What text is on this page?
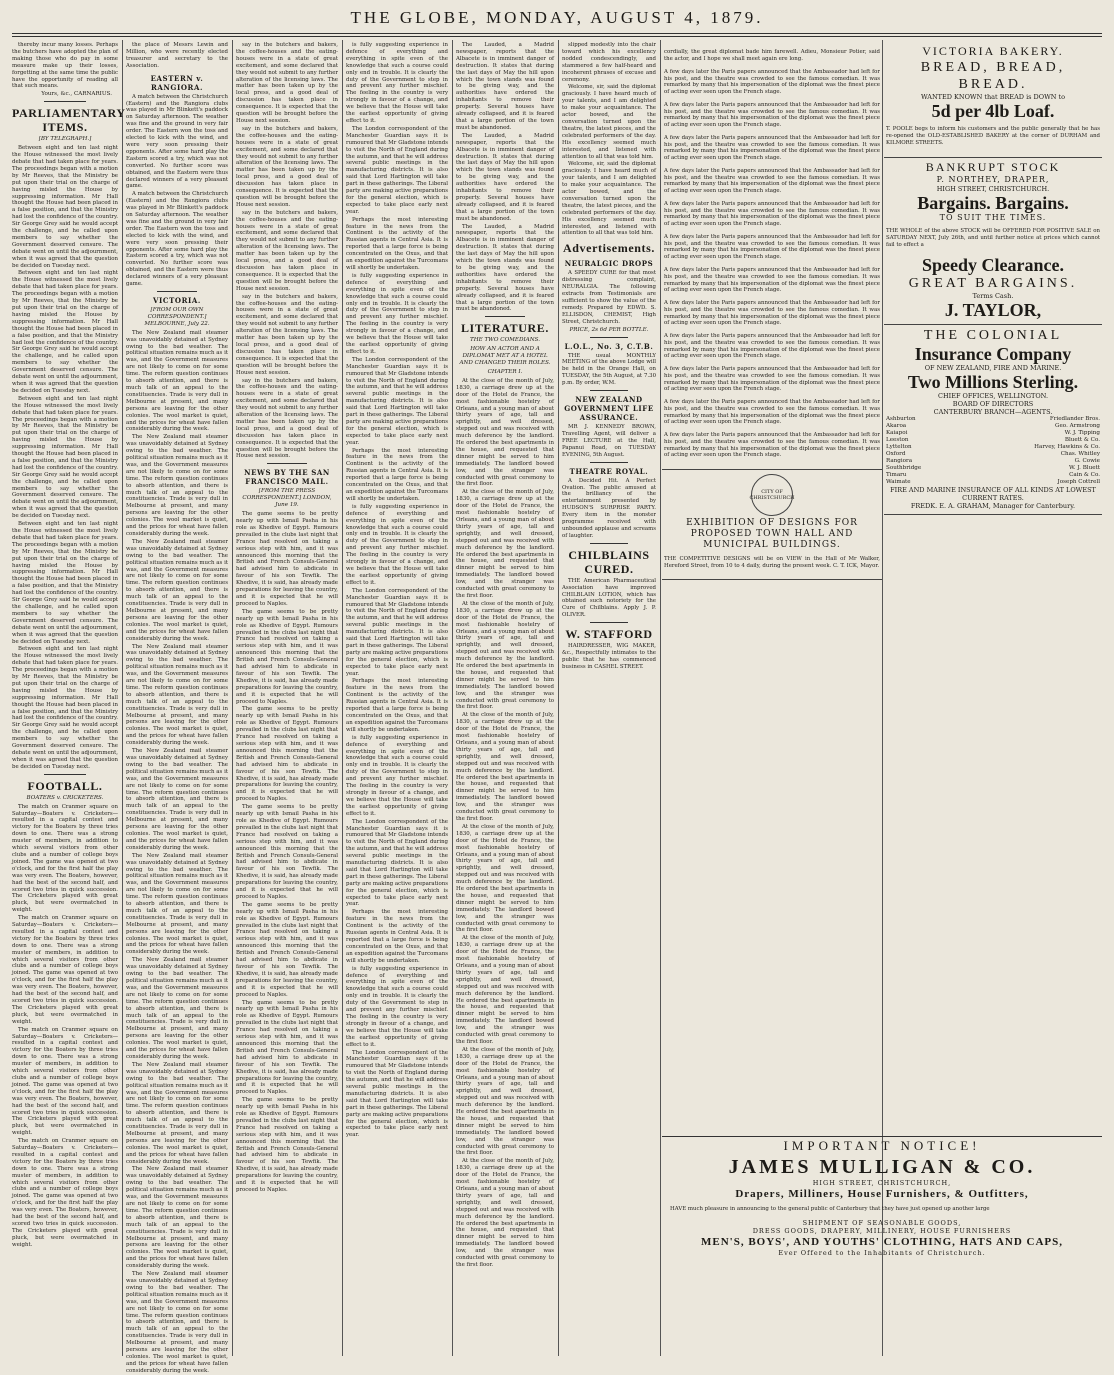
THE GLOBE, MONDAY, AUGUST 4, 1879.

thereby incur many losses. Perhaps the butchers have adopted the plan of making those who do pay in some measure make up their losses, forgetting at the same time the public have the opportunity of reading all that such means.

Yours, &c., CARNARIUS.
PARLIAMENTARY ITEMS.
[BY TELEGRAPH.]

Between eight and ten last night the House witnessed the most lively debate that had taken place for years. The proceedings began with a motion by Mr Reeves, that the Ministry be put upon their trial on the charge of having misled the House by suppressing information. Mr Hall thought the House had been placed in a false position, and that the Ministry had lost the confidence of the country. Sir George Grey said he would accept the challenge, and he called upon members to say whether the Government deserved censure. The debate went on until the adjournment, when it was agreed that the question be decided on Tuesday next.

Between eight and ten last night the House witnessed the most lively debate that had taken place for years. The proceedings began with a motion by Mr Reeves, that the Ministry be put upon their trial on the charge of having misled the House by suppressing information. Mr Hall thought the House had been placed in a false position, and that the Ministry had lost the confidence of the country. Sir George Grey said he would accept the challenge, and he called upon members to say whether the Government deserved censure. The debate went on until the adjournment, when it was agreed that the question be decided on Tuesday next.

Between eight and ten last night the House witnessed the most lively debate that had taken place for years. The proceedings began with a motion by Mr Reeves, that the Ministry be put upon their trial on the charge of having misled the House by suppressing information. Mr Hall thought the House had been placed in a false position, and that the Ministry had lost the confidence of the country. Sir George Grey said he would accept the challenge, and he called upon members to say whether the Government deserved censure. The debate went on until the adjournment, when it was agreed that the question be decided on Tuesday next.

Between eight and ten last night the House witnessed the most lively debate that had taken place for years. The proceedings began with a motion by Mr Reeves, that the Ministry be put upon their trial on the charge of having misled the House by suppressing information. Mr Hall thought the House had been placed in a false position, and that the Ministry had lost the confidence of the country. Sir George Grey said he would accept the challenge, and he called upon members to say whether the Government deserved censure. The debate went on until the adjournment, when it was agreed that the question be decided on Tuesday next.

Between eight and ten last night the House witnessed the most lively debate that had taken place for years. The proceedings began with a motion by Mr Reeves, that the Ministry be put upon their trial on the charge of having misled the House by suppressing information. Mr Hall thought the House had been placed in a false position, and that the Ministry had lost the confidence of the country. Sir George Grey said he would accept the challenge, and he called upon members to say whether the Government deserved censure. The debate went on until the adjournment, when it was agreed that the question be decided on Tuesday next.

FOOTBALL.
BOATERS v. CRICKETERS.

The match on Cranmer square on Saturday—Boaters v. Cricketers—resulted in a capital contest and victory for the Boaters by three tries down to one. There was a strong muster of members, in addition to which several visitors from other clubs and a number of college boys joined. The game was opened at two o'clock, and for the first half the play was very even. The Boaters, however, had the best of the second half, and scored two tries in quick succession. The Cricketers played with great pluck, but were overmatched in weight.

The match on Cranmer square on Saturday—Boaters v. Cricketers—resulted in a capital contest and victory for the Boaters by three tries down to one. There was a strong muster of members, in addition to which several visitors from other clubs and a number of college boys joined. The game was opened at two o'clock, and for the first half the play was very even. The Boaters, however, had the best of the second half, and scored two tries in quick succession. The Cricketers played with great pluck, but were overmatched in weight.

The match on Cranmer square on Saturday—Boaters v. Cricketers—resulted in a capital contest and victory for the Boaters by three tries down to one. There was a strong muster of members, in addition to which several visitors from other clubs and a number of college boys joined. The game was opened at two o'clock, and for the first half the play was very even. The Boaters, however, had the best of the second half, and scored two tries in quick succession. The Cricketers played with great pluck, but were overmatched in weight.

The match on Cranmer square on Saturday—Boaters v. Cricketers—resulted in a capital contest and victory for the Boaters by three tries down to one. There was a strong muster of members, in addition to which several visitors from other clubs and a number of college boys joined. The game was opened at two o'clock, and for the first half the play was very even. The Boaters, however, had the best of the second half, and scored two tries in quick succession. The Cricketers played with great pluck, but were overmatched in weight.

the place of Messrs Lewin and Million, who were recently elected treasurer and secretary to the Association.

EASTERN v. RANGIORA.

A match between the Christchurch (Eastern) and the Rangiora clubs was played in Mr Blinkett's paddock on Saturday afternoon. The weather was fine and the ground in very fair order. The Eastern won the toss and elected to kick with the wind, and were very soon pressing their opponents. After some hard play the Eastern scored a try, which was not converted. No further score was obtained, and the Eastern were thus declared winners of a very pleasant game.

A match between the Christchurch (Eastern) and the Rangiora clubs was played in Mr Blinkett's paddock on Saturday afternoon. The weather was fine and the ground in very fair order. The Eastern won the toss and elected to kick with the wind, and were very soon pressing their opponents. After some hard play the Eastern scored a try, which was not converted. No further score was obtained, and the Eastern were thus declared winners of a very pleasant game.

VICTORIA.
[FROM OUR OWN CORRESPONDENT.] MELBOURNE, July 22.

The New Zealand mail steamer was unavoidably detained at Sydney owing to the bad weather. The political situation remains much as it was, and the Government measures are not likely to come on for some time. The reform question continues to absorb attention, and there is much talk of an appeal to the constituencies. Trade is very dull in Melbourne at present, and many persons are leaving for the other colonies. The wool market is quiet, and the prices for wheat have fallen considerably during the week.

The New Zealand mail steamer was unavoidably detained at Sydney owing to the bad weather. The political situation remains much as it was, and the Government measures are not likely to come on for some time. The reform question continues to absorb attention, and there is much talk of an appeal to the constituencies. Trade is very dull in Melbourne at present, and many persons are leaving for the other colonies. The wool market is quiet, and the prices for wheat have fallen considerably during the week.

The New Zealand mail steamer was unavoidably detained at Sydney owing to the bad weather. The political situation remains much as it was, and the Government measures are not likely to come on for some time. The reform question continues to absorb attention, and there is much talk of an appeal to the constituencies. Trade is very dull in Melbourne at present, and many persons are leaving for the other colonies. The wool market is quiet, and the prices for wheat have fallen considerably during the week.

The New Zealand mail steamer was unavoidably detained at Sydney owing to the bad weather. The political situation remains much as it was, and the Government measures are not likely to come on for some time. The reform question continues to absorb attention, and there is much talk of an appeal to the constituencies. Trade is very dull in Melbourne at present, and many persons are leaving for the other colonies. The wool market is quiet, and the prices for wheat have fallen considerably during the week.

The New Zealand mail steamer was unavoidably detained at Sydney owing to the bad weather. The political situation remains much as it was, and the Government measures are not likely to come on for some time. The reform question continues to absorb attention, and there is much talk of an appeal to the constituencies. Trade is very dull in Melbourne at present, and many persons are leaving for the other colonies. The wool market is quiet, and the prices for wheat have fallen considerably during the week.

The New Zealand mail steamer was unavoidably detained at Sydney owing to the bad weather. The political situation remains much as it was, and the Government measures are not likely to come on for some time. The reform question continues to absorb attention, and there is much talk of an appeal to the constituencies. Trade is very dull in Melbourne at present, and many persons are leaving for the other colonies. The wool market is quiet, and the prices for wheat have fallen considerably during the week.

The New Zealand mail steamer was unavoidably detained at Sydney owing to the bad weather. The political situation remains much as it was, and the Government measures are not likely to come on for some time. The reform question continues to absorb attention, and there is much talk of an appeal to the constituencies. Trade is very dull in Melbourne at present, and many persons are leaving for the other colonies. The wool market is quiet, and the prices for wheat have fallen considerably during the week.

The New Zealand mail steamer was unavoidably detained at Sydney owing to the bad weather. The political situation remains much as it was, and the Government measures are not likely to come on for some time. The reform question continues to absorb attention, and there is much talk of an appeal to the constituencies. Trade is very dull in Melbourne at present, and many persons are leaving for the other colonies. The wool market is quiet, and the prices for wheat have fallen considerably during the week.

The New Zealand mail steamer was unavoidably detained at Sydney owing to the bad weather. The political situation remains much as it was, and the Government measures are not likely to come on for some time. The reform question continues to absorb attention, and there is much talk of an appeal to the constituencies. Trade is very dull in Melbourne at present, and many persons are leaving for the other colonies. The wool market is quiet, and the prices for wheat have fallen considerably during the week.

The New Zealand mail steamer was unavoidably detained at Sydney owing to the bad weather. The political situation remains much as it was, and the Government measures are not likely to come on for some time. The reform question continues to absorb attention, and there is much talk of an appeal to the constituencies. Trade is very dull in Melbourne at present, and many persons are leaving for the other colonies. The wool market is quiet, and the prices for wheat have fallen considerably during the week.

say in the butchers and bakers, the coffee-houses and the eating-houses were in a state of great excitement, and some declared that they would not submit to any further alteration of the licensing laws. The matter has been taken up by the local press, and a good deal of discussion has taken place in consequence. It is expected that the question will be brought before the House next session.

say in the butchers and bakers, the coffee-houses and the eating-houses were in a state of great excitement, and some declared that they would not submit to any further alteration of the licensing laws. The matter has been taken up by the local press, and a good deal of discussion has taken place in consequence. It is expected that the question will be brought before the House next session.

say in the butchers and bakers, the coffee-houses and the eating-houses were in a state of great excitement, and some declared that they would not submit to any further alteration of the licensing laws. The matter has been taken up by the local press, and a good deal of discussion has taken place in consequence. It is expected that the question will be brought before the House next session.

say in the butchers and bakers, the coffee-houses and the eating-houses were in a state of great excitement, and some declared that they would not submit to any further alteration of the licensing laws. The matter has been taken up by the local press, and a good deal of discussion has taken place in consequence. It is expected that the question will be brought before the House next session.

say in the butchers and bakers, the coffee-houses and the eating-houses were in a state of great excitement, and some declared that they would not submit to any further alteration of the licensing laws. The matter has been taken up by the local press, and a good deal of discussion has taken place in consequence. It is expected that the question will be brought before the House next session.

NEWS BY THE SAN FRANCISCO MAIL.
[FROM THE PRESS CORRESPONDENT.] LONDON, June 19.

The game seems to be pretty nearly up with Ismail Pasha in his role as Khedive of Egypt. Rumours prevailed in the clubs last night that France had resolved on taking a serious step with him, and it was announced this morning that the British and French Consuls-General had advised him to abdicate in favour of his son Tewfik. The Khedive, it is said, has already made preparations for leaving the country, and it is expected that he will proceed to Naples.

The game seems to be pretty nearly up with Ismail Pasha in his role as Khedive of Egypt. Rumours prevailed in the clubs last night that France had resolved on taking a serious step with him, and it was announced this morning that the British and French Consuls-General had advised him to abdicate in favour of his son Tewfik. The Khedive, it is said, has already made preparations for leaving the country, and it is expected that he will proceed to Naples.

The game seems to be pretty nearly up with Ismail Pasha in his role as Khedive of Egypt. Rumours prevailed in the clubs last night that France had resolved on taking a serious step with him, and it was announced this morning that the British and French Consuls-General had advised him to abdicate in favour of his son Tewfik. The Khedive, it is said, has already made preparations for leaving the country, and it is expected that he will proceed to Naples.

The game seems to be pretty nearly up with Ismail Pasha in his role as Khedive of Egypt. Rumours prevailed in the clubs last night that France had resolved on taking a serious step with him, and it was announced this morning that the British and French Consuls-General had advised him to abdicate in favour of his son Tewfik. The Khedive, it is said, has already made preparations for leaving the country, and it is expected that he will proceed to Naples.

The game seems to be pretty nearly up with Ismail Pasha in his role as Khedive of Egypt. Rumours prevailed in the clubs last night that France had resolved on taking a serious step with him, and it was announced this morning that the British and French Consuls-General had advised him to abdicate in favour of his son Tewfik. The Khedive, it is said, has already made preparations for leaving the country, and it is expected that he will proceed to Naples.

The game seems to be pretty nearly up with Ismail Pasha in his role as Khedive of Egypt. Rumours prevailed in the clubs last night that France had resolved on taking a serious step with him, and it was announced this morning that the British and French Consuls-General had advised him to abdicate in favour of his son Tewfik. The Khedive, it is said, has already made preparations for leaving the country, and it is expected that he will proceed to Naples.

The game seems to be pretty nearly up with Ismail Pasha in his role as Khedive of Egypt. Rumours prevailed in the clubs last night that France had resolved on taking a serious step with him, and it was announced this morning that the British and French Consuls-General had advised him to abdicate in favour of his son Tewfik. The Khedive, it is said, has already made preparations for leaving the country, and it is expected that he will proceed to Naples.

is fully suggesting experience in defence of everything and everything in spite even of the knowledge that such a course could only end in trouble. It is clearly the duty of the Government to step in and prevent any further mischief. The feeling in the country is very strongly in favour of a change, and we believe that the House will take the earliest opportunity of giving effect to it.

The London correspondent of the Manchester Guardian says it is rumoured that Mr Gladstone intends to visit the North of England during the autumn, and that he will address several public meetings in the manufacturing districts. It is also said that Lord Hartington will take part in these gatherings. The Liberal party are making active preparations for the general election, which is expected to take place early next year.

Perhaps the most interesting feature in the news from the Continent is the activity of the Russian agents in Central Asia. It is reported that a large force is being concentrated on the Oxus, and that an expedition against the Turcomans will shortly be undertaken.

is fully suggesting experience in defence of everything and everything in spite even of the knowledge that such a course could only end in trouble. It is clearly the duty of the Government to step in and prevent any further mischief. The feeling in the country is very strongly in favour of a change, and we believe that the House will take the earliest opportunity of giving effect to it.

The London correspondent of the Manchester Guardian says it is rumoured that Mr Gladstone intends to visit the North of England during the autumn, and that he will address several public meetings in the manufacturing districts. It is also said that Lord Hartington will take part in these gatherings. The Liberal party are making active preparations for the general election, which is expected to take place early next year.

Perhaps the most interesting feature in the news from the Continent is the activity of the Russian agents in Central Asia. It is reported that a large force is being concentrated on the Oxus, and that an expedition against the Turcomans will shortly be undertaken.

is fully suggesting experience in defence of everything and everything in spite even of the knowledge that such a course could only end in trouble. It is clearly the duty of the Government to step in and prevent any further mischief. The feeling in the country is very strongly in favour of a change, and we believe that the House will take the earliest opportunity of giving effect to it.

The London correspondent of the Manchester Guardian says it is rumoured that Mr Gladstone intends to visit the North of England during the autumn, and that he will address several public meetings in the manufacturing districts. It is also said that Lord Hartington will take part in these gatherings. The Liberal party are making active preparations for the general election, which is expected to take place early next year.

Perhaps the most interesting feature in the news from the Continent is the activity of the Russian agents in Central Asia. It is reported that a large force is being concentrated on the Oxus, and that an expedition against the Turcomans will shortly be undertaken.

is fully suggesting experience in defence of everything and everything in spite even of the knowledge that such a course could only end in trouble. It is clearly the duty of the Government to step in and prevent any further mischief. The feeling in the country is very strongly in favour of a change, and we believe that the House will take the earliest opportunity of giving effect to it.

The London correspondent of the Manchester Guardian says it is rumoured that Mr Gladstone intends to visit the North of England during the autumn, and that he will address several public meetings in the manufacturing districts. It is also said that Lord Hartington will take part in these gatherings. The Liberal party are making active preparations for the general election, which is expected to take place early next year.

Perhaps the most interesting feature in the news from the Continent is the activity of the Russian agents in Central Asia. It is reported that a large force is being concentrated on the Oxus, and that an expedition against the Turcomans will shortly be undertaken.

is fully suggesting experience in defence of everything and everything in spite even of the knowledge that such a course could only end in trouble. It is clearly the duty of the Government to step in and prevent any further mischief. The feeling in the country is very strongly in favour of a change, and we believe that the House will take the earliest opportunity of giving effect to it.

The London correspondent of the Manchester Guardian says it is rumoured that Mr Gladstone intends to visit the North of England during the autumn, and that he will address several public meetings in the manufacturing districts. It is also said that Lord Hartington will take part in these gatherings. The Liberal party are making active preparations for the general election, which is expected to take place early next year.

The Lauded, a Madrid newspaper, reports that the Albacete is in imminent danger of destruction. It states that during the last days of May the hill upon which the town stands was found to be giving way, and the authorities have ordered the inhabitants to remove their property. Several houses have already collapsed, and it is feared that a large portion of the town must be abandoned.

The Lauded, a Madrid newspaper, reports that the Albacete is in imminent danger of destruction. It states that during the last days of May the hill upon which the town stands was found to be giving way, and the authorities have ordered the inhabitants to remove their property. Several houses have already collapsed, and it is feared that a large portion of the town must be abandoned.

The Lauded, a Madrid newspaper, reports that the Albacete is in imminent danger of destruction. It states that during the last days of May the hill upon which the town stands was found to be giving way, and the authorities have ordered the inhabitants to remove their property. Several houses have already collapsed, and it is feared that a large portion of the town must be abandoned.

LITERATURE.
THE TWO COMEDIANS.
HOW AN ACTOR AND A DIPLOMAT MET AT A HOTEL AND CHANGED THEIR ROLES.
CHAPTER I.

At the close of the month of July, 1830, a carriage drew up at the door of the Hotel de France, the most fashionable hostelry of Orleans, and a young man of about thirty years of age, tall and sprightly, and well dressed, stepped out and was received with much deference by the landlord. He ordered the best apartments in the house, and requested that dinner might be served to him immediately. The landlord bowed low, and the stranger was conducted with great ceremony to the first floor.

At the close of the month of July, 1830, a carriage drew up at the door of the Hotel de France, the most fashionable hostelry of Orleans, and a young man of about thirty years of age, tall and sprightly, and well dressed, stepped out and was received with much deference by the landlord. He ordered the best apartments in the house, and requested that dinner might be served to him immediately. The landlord bowed low, and the stranger was conducted with great ceremony to the first floor.

At the close of the month of July, 1830, a carriage drew up at the door of the Hotel de France, the most fashionable hostelry of Orleans, and a young man of about thirty years of age, tall and sprightly, and well dressed, stepped out and was received with much deference by the landlord. He ordered the best apartments in the house, and requested that dinner might be served to him immediately. The landlord bowed low, and the stranger was conducted with great ceremony to the first floor.

At the close of the month of July, 1830, a carriage drew up at the door of the Hotel de France, the most fashionable hostelry of Orleans, and a young man of about thirty years of age, tall and sprightly, and well dressed, stepped out and was received with much deference by the landlord. He ordered the best apartments in the house, and requested that dinner might be served to him immediately. The landlord bowed low, and the stranger was conducted with great ceremony to the first floor.

At the close of the month of July, 1830, a carriage drew up at the door of the Hotel de France, the most fashionable hostelry of Orleans, and a young man of about thirty years of age, tall and sprightly, and well dressed, stepped out and was received with much deference by the landlord. He ordered the best apartments in the house, and requested that dinner might be served to him immediately. The landlord bowed low, and the stranger was conducted with great ceremony to the first floor.

At the close of the month of July, 1830, a carriage drew up at the door of the Hotel de France, the most fashionable hostelry of Orleans, and a young man of about thirty years of age, tall and sprightly, and well dressed, stepped out and was received with much deference by the landlord. He ordered the best apartments in the house, and requested that dinner might be served to him immediately. The landlord bowed low, and the stranger was conducted with great ceremony to the first floor.

At the close of the month of July, 1830, a carriage drew up at the door of the Hotel de France, the most fashionable hostelry of Orleans, and a young man of about thirty years of age, tall and sprightly, and well dressed, stepped out and was received with much deference by the landlord. He ordered the best apartments in the house, and requested that dinner might be served to him immediately. The landlord bowed low, and the stranger was conducted with great ceremony to the first floor.

At the close of the month of July, 1830, a carriage drew up at the door of the Hotel de France, the most fashionable hostelry of Orleans, and a young man of about thirty years of age, tall and sprightly, and well dressed, stepped out and was received with much deference by the landlord. He ordered the best apartments in the house, and requested that dinner might be served to him immediately. The landlord bowed low, and the stranger was conducted with great ceremony to the first floor.

slipped modestly into the chair toward which his excellency nodded condescendingly, and stammered a few half-heard and incoherent phrases of excuse and ceremony.

Welcome, sir, said the diplomat graciously. I have heard much of your talents, and I am delighted to make your acquaintance. The actor bowed, and the conversation turned upon the theatre, the latest pieces, and the celebrated performers of the day. His excellency seemed much interested, and listened with attention to all that was told him.

Welcome, sir, said the diplomat graciously. I have heard much of your talents, and I am delighted to make your acquaintance. The actor bowed, and the conversation turned upon the theatre, the latest pieces, and the celebrated performers of the day. His excellency seemed much interested, and listened with attention to all that was told him.

Advertisements.
NEURALGIC DROPS

A SPEEDY CURE for that most distressing complaint, NEURALGIA. The following extracts from Testimonials are sufficient to show the value of the remedy. Prepared by EDWD. S. ELLISDON, CHEMIST, High Street, Christchurch.

PRICE, 2s 6d PER BOTTLE.
L.O.L., No. 3, C.T.B.

THE usual MONTHLY MEETING of the above Lodge will be held in the Orange Hall, on TUESDAY, the 5th August, at 7.30 p.m. By order, W.M.

NEW ZEALAND GOVERNMENT LIFE ASSURANCE.

MR J. KENNEDY BROWN, Travelling Agent, will deliver a FREE LECTURE at the Hall, Papanui Road, on TUESDAY EVENING, 5th August.

THEATRE ROYAL.

A Decided Hit. A Perfect Ovation. The public amused at the brilliancy of the entertainment presented by HUDSON'S SURPRISE PARTY. Every item in the monster programme received with unbounded applause and screams of laughter.

CHILBLAINS CURED.

THE American Pharmaceutical Association have improved CHILBLAIN LOTION, which has obtained such notoriety for the Cure of Chilblains. Apply J. P. OLIVER.

W. STAFFORD

HAIRDRESSER, WIG MAKER, &c., Respectfully intimates to the public that he has commenced business in CASHEL STREET.

cordially, the great diplomat bade him farewell. Adieu, Monsieur Potier, said the actor, and I hope we shall meet again ere long.

A few days later the Paris papers announced that the Ambassador had left for his post, and the theatre was crowded to see the famous comedian. It was remarked by many that his impersonation of the diplomat was the finest piece of acting ever seen upon the French stage.

A few days later the Paris papers announced that the Ambassador had left for his post, and the theatre was crowded to see the famous comedian. It was remarked by many that his impersonation of the diplomat was the finest piece of acting ever seen upon the French stage.

A few days later the Paris papers announced that the Ambassador had left for his post, and the theatre was crowded to see the famous comedian. It was remarked by many that his impersonation of the diplomat was the finest piece of acting ever seen upon the French stage.

A few days later the Paris papers announced that the Ambassador had left for his post, and the theatre was crowded to see the famous comedian. It was remarked by many that his impersonation of the diplomat was the finest piece of acting ever seen upon the French stage.

A few days later the Paris papers announced that the Ambassador had left for his post, and the theatre was crowded to see the famous comedian. It was remarked by many that his impersonation of the diplomat was the finest piece of acting ever seen upon the French stage.

A few days later the Paris papers announced that the Ambassador had left for his post, and the theatre was crowded to see the famous comedian. It was remarked by many that his impersonation of the diplomat was the finest piece of acting ever seen upon the French stage.

A few days later the Paris papers announced that the Ambassador had left for his post, and the theatre was crowded to see the famous comedian. It was remarked by many that his impersonation of the diplomat was the finest piece of acting ever seen upon the French stage.

A few days later the Paris papers announced that the Ambassador had left for his post, and the theatre was crowded to see the famous comedian. It was remarked by many that his impersonation of the diplomat was the finest piece of acting ever seen upon the French stage.

A few days later the Paris papers announced that the Ambassador had left for his post, and the theatre was crowded to see the famous comedian. It was remarked by many that his impersonation of the diplomat was the finest piece of acting ever seen upon the French stage.

A few days later the Paris papers announced that the Ambassador had left for his post, and the theatre was crowded to see the famous comedian. It was remarked by many that his impersonation of the diplomat was the finest piece of acting ever seen upon the French stage.

A few days later the Paris papers announced that the Ambassador had left for his post, and the theatre was crowded to see the famous comedian. It was remarked by many that his impersonation of the diplomat was the finest piece of acting ever seen upon the French stage.

A few days later the Paris papers announced that the Ambassador had left for his post, and the theatre was crowded to see the famous comedian. It was remarked by many that his impersonation of the diplomat was the finest piece of acting ever seen upon the French stage.

CITY OF CHRISTCHURCH
EXHIBITION OF DESIGNS FOR PROPOSED TOWN HALL AND MUNICIPAL BUILDINGS.

THE COMPETITIVE DESIGNS will be on VIEW in the Hall of Mr Walker, Hereford Street, from 10 to 4 daily, during the present week. C. T. ICK, Mayor.

VICTORIA BAKERY.
BREAD, BREAD, BREAD.
WANTED KNOWN that BREAD is DOWN to
5d per 4lb Loaf.

T. POOLE begs to inform his customers and the public generally that he has re-opened the OLD-ESTABLISHED BAKERY at the corner of DURHAM and KILMORE STREETS.

BANKRUPT STOCK
P. NORTHEY, DRAPER,
HIGH STREET, CHRISTCHURCH.
Bargains. Bargains.
TO SUIT THE TIMES.

THE WHOLE of the above STOCK will be OFFERED FOR POSITIVE SALE on SATURDAY NEXT, July 26th, and until further notice at prices which cannot fail to effect a

Speedy Clearance.
GREAT BARGAINS.
Terms Cash.
J. TAYLOR,
THE COLONIAL
Insurance Company
OF NEW ZEALAND, FIRE AND MARINE.
Two Millions Sterling.
CHIEF OFFICES, WELLINGTON.
BOARD OF DIRECTORS
CANTERBURY BRANCH—AGENTS.
Ashburton	Friedlander Bros.
Akaroa	Geo. Armstrong
Kaiapoi	W. J. Tipping
Leeston	Bluett & Co.
Lyttelton	Harvey, Hawkins & Co.
Oxford	Chas. Whitley
Rangiora	G. Cowie
Southbridge	W. J. Bluett
Timaru	Cain & Co.
Waimate	Joseph Cottrell
FIRE AND MARINE INSURANCE OF ALL KINDS AT LOWEST CURRENT RATES.
FREDK. E. A. GRAHAM, Manager for Canterbury.
IMPORTANT NOTICE!
JAMES MULLIGAN & CO.
HIGH STREET, CHRISTCHURCH,
Drapers, Milliners, House Furnishers, & Outfitters,

HAVE much pleasure in announcing to the general public of Canterbury that they have just opened up another large

SHIPMENT OF SEASONABLE GOODS,
DRESS GOODS, DRAPERY, MILLINERY, HOUSE FURNISHERS
MEN'S, BOYS', AND YOUTHS' CLOTHING, HATS AND CAPS,
Ever Offered to the Inhabitants of Christchurch.
